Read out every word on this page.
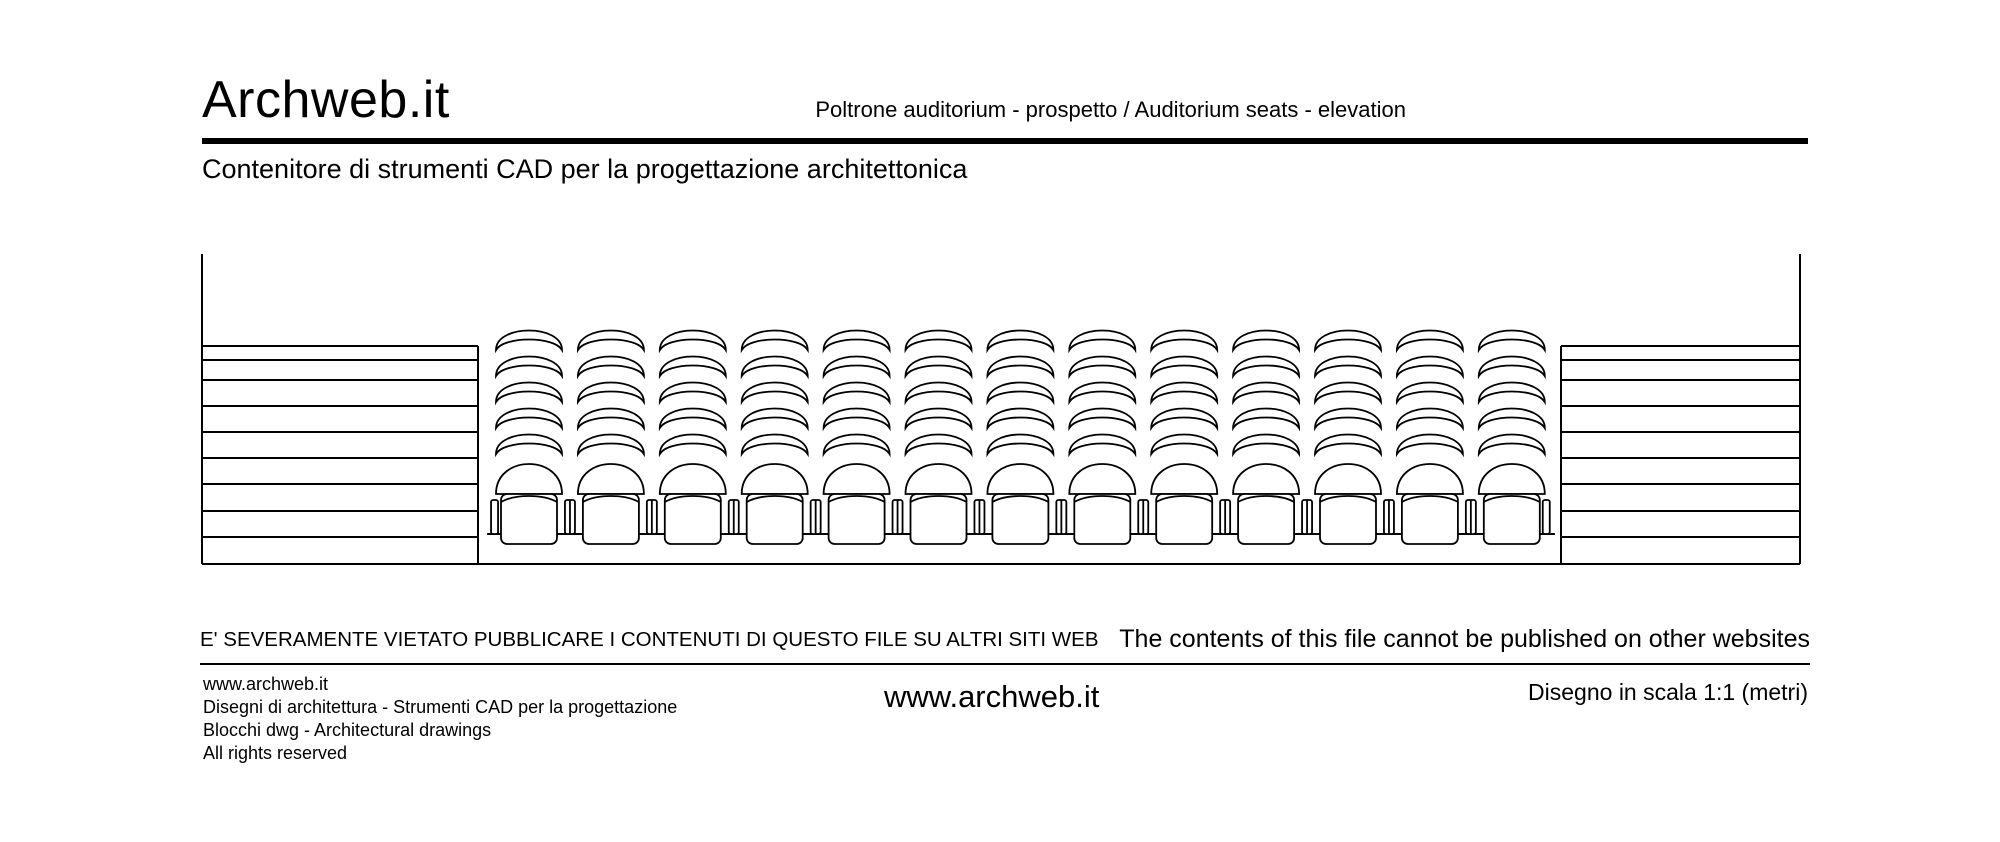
Archweb.it	Poltrone auditorium - prospetto / Auditorium seats - elevation
Contenitore di strumenti CAD per la progettazione architettonica
E' SEVERAMENTE VIETATO PUBBLICARE I CONTENUTI DI QUESTO FILE SU ALTRI SITI WEB The contents of this file cannot be published on other websites
www.archweb.it
Disegni di architettura - Strumenti CAD per la progettazione
Blocchi dwg - Architectural drawings
All rights reserved
www.archweb.it	Disegno in scala 1:1 (metri)
